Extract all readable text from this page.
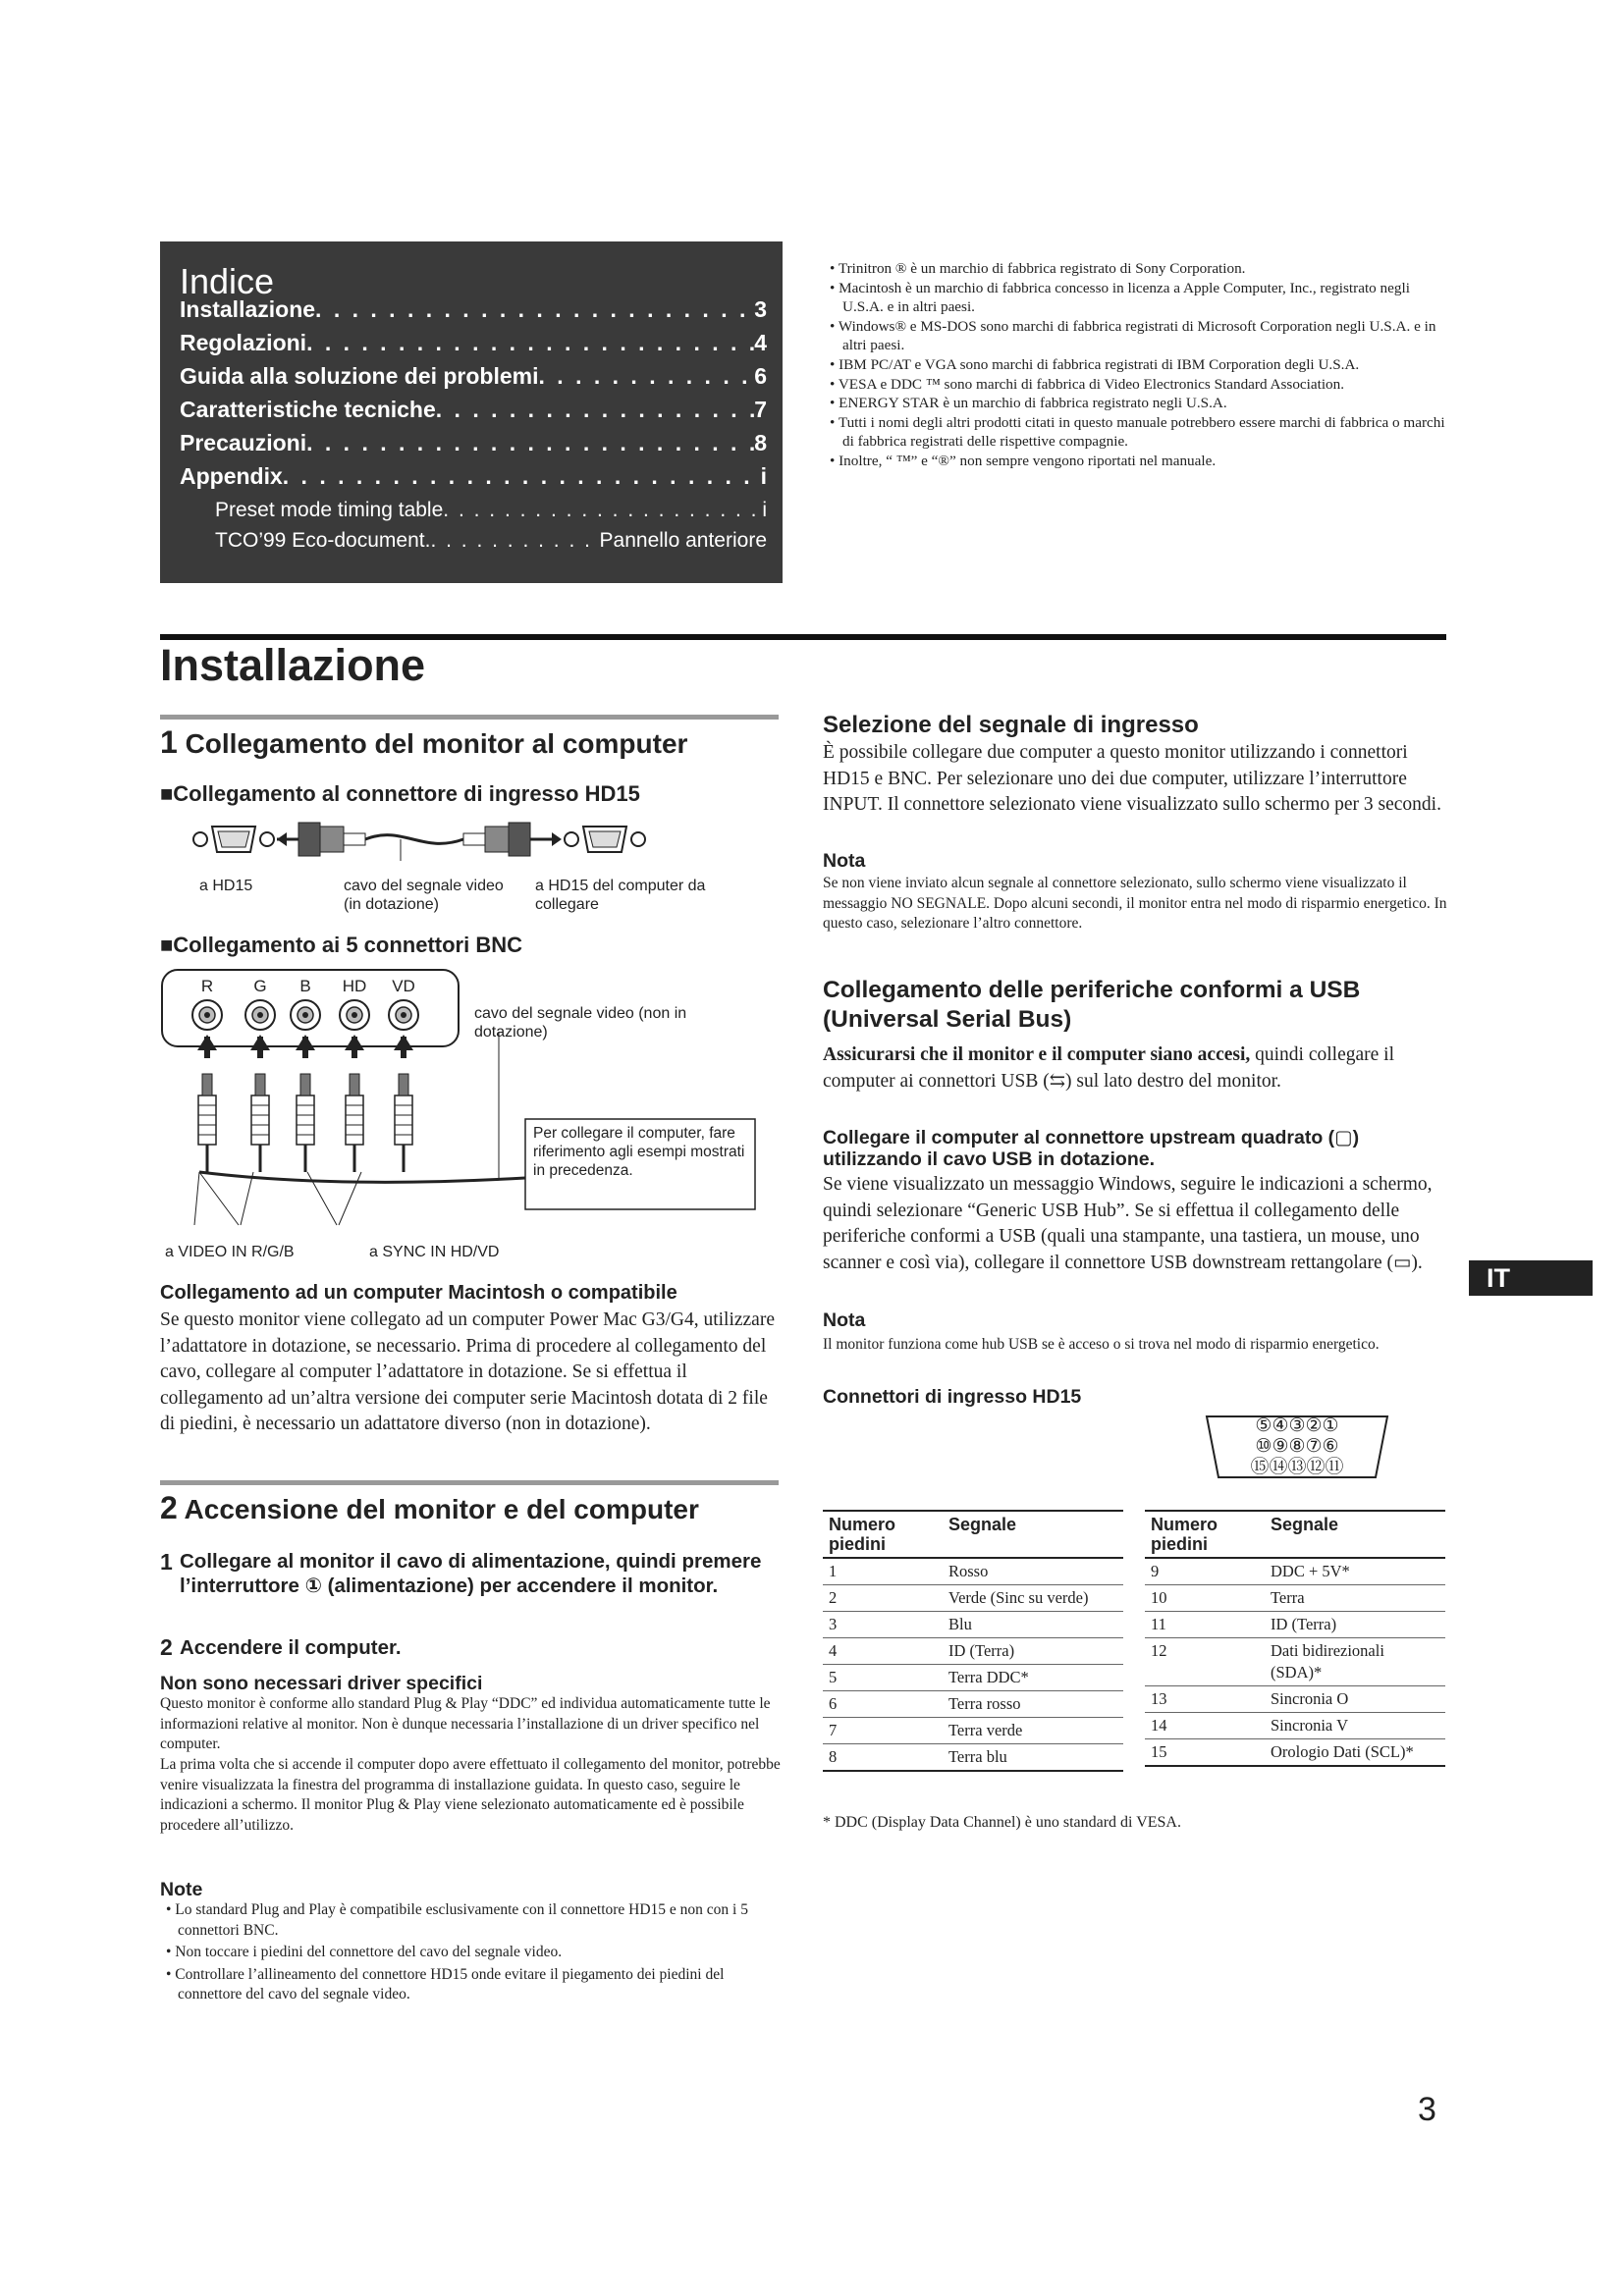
Indice
Installazione . . .	3
Regolazioni . . .	4
Guida alla soluzione dei problemi . . .	6
Caratteristiche tecniche . . .	7
Precauzioni . . .	8
Appendix . . .	i
Preset mode timing table . . .	i
TCO’99 Eco-document. . . .	Pannello anteriore
• Trinitron ® è un marchio di fabbrica registrato di Sony Corporation.
• Macintosh è un marchio di fabbrica concesso in licenza a Apple Computer, Inc., registrato negli U.S.A. e in altri paesi.
• Windows® e MS-DOS sono marchi di fabbrica registrati di Microsoft Corporation negli U.S.A. e in altri paesi.
• IBM PC/AT e VGA sono marchi di fabbrica registrati di IBM Corporation degli U.S.A.
• VESA e DDC ™ sono marchi di fabbrica di Video Electronics Standard Association.
• ENERGY STAR è un marchio di fabbrica registrato negli U.S.A.
• Tutti i nomi degli altri prodotti citati in questo manuale potrebbero essere marchi di fabbrica o marchi di fabbrica registrati delle rispettive compagnie.
• Inoltre, “ ™” e “®” non sempre vengono riportati nel manuale.
Installazione
1 Collegamento del monitor al computer
■Collegamento al connettore di ingresso HD15
a HD15	cavo del segnale video (in dotazione)
a HD15 del computer da collegare
■Collegamento ai 5 connettori BNC
R G B HD VD
cavo del segnale video (non in dotazione)
Per collegare il computer, fare riferimento agli esempi mostrati in precedenza.
a VIDEO IN R/G/B	a SYNC IN HD/VD
Collegamento ad un computer Macintosh o compatibile
Se questo monitor viene collegato ad un computer Power Mac G3/G4, utilizzare l’adattatore in dotazione, se necessario. Prima di procedere al collegamento del cavo, collegare al computer l’adattatore in dotazione. Se si effettua il collegamento ad un’altra versione dei computer serie Macintosh dotata di 2 file di piedini, è necessario un adattatore diverso (non in dotazione).
2 Accensione del monitor e del computer
1 Collegare al monitor il cavo di alimentazione, quindi premere l’interruttore ① (alimentazione) per accendere il monitor.
2 Accendere il computer.
Non sono necessari driver specifici
Questo monitor è conforme allo standard Plug & Play “DDC” ed individua automaticamente tutte le informazioni relative al monitor. Non è dunque necessaria l’installazione di un driver specifico nel computer.
La prima volta che si accende il computer dopo avere effettuato il collegamento del monitor, potrebbe venire visualizzata la finestra del programma di installazione guidata. In questo caso, seguire le indicazioni a schermo. Il monitor Plug & Play viene selezionato automaticamente ed è possibile procedere all’utilizzo.
Note
• Lo standard Plug and Play è compatibile esclusivamente con il connettore HD15 e non con i 5 connettori BNC.
• Non toccare i piedini del connettore del cavo del segnale video.
• Controllare l’allineamento del connettore HD15 onde evitare il piegamento dei piedini del connettore del cavo del segnale video.
Selezione del segnale di ingresso
È possibile collegare due computer a questo monitor utilizzando i connettori HD15 e BNC. Per selezionare uno dei due computer, utilizzare l’interruttore INPUT. Il connettore selezionato viene visualizzato sullo schermo per 3 secondi.
Nota
Se non viene inviato alcun segnale al connettore selezionato, sullo schermo viene visualizzato il messaggio NO SEGNALE. Dopo alcuni secondi, il monitor entra nel modo di risparmio energetico. In questo caso, selezionare l’altro connettore.
Collegamento delle periferiche conformi a USB (Universal Serial Bus)
Assicurarsi che il monitor e il computer siano accesi, quindi collegare il computer ai connettori USB (⇆) sul lato destro del monitor.
Collegare il computer al connettore upstream quadrato (▢) utilizzando il cavo USB in dotazione.
Se viene visualizzato un messaggio Windows, seguire le indicazioni a schermo, quindi selezionare “Generic USB Hub”. Se si effettua il collegamento delle periferiche conformi a USB (quali una stampante, una tastiera, un mouse, uno scanner e così via), collegare il connettore USB downstream rettangolare (▭).
Nota
Il monitor funziona come hub USB se è acceso o si trova nel modo di risparmio energetico.
Connettori di ingresso HD15
⑤④③②①
⑩⑨⑧⑦⑥
⑮⑭⑬⑫⑪
Numero piedini	Segnale
1	Rosso
2	Verde (Sinc su verde)
3	Blu
4	ID (Terra)
5	Terra DDC*
6	Terra rosso
7	Terra verde
8	Terra blu
Numero piedini	Segnale
9	DDC + 5V*
10	Terra
11	ID (Terra)
12	Dati bidirezionali (SDA)*
13	Sincronia O
14	Sincronia V
15	Orologio Dati (SCL)*
* DDC (Display Data Channel) è uno standard di VESA.
IT
3
